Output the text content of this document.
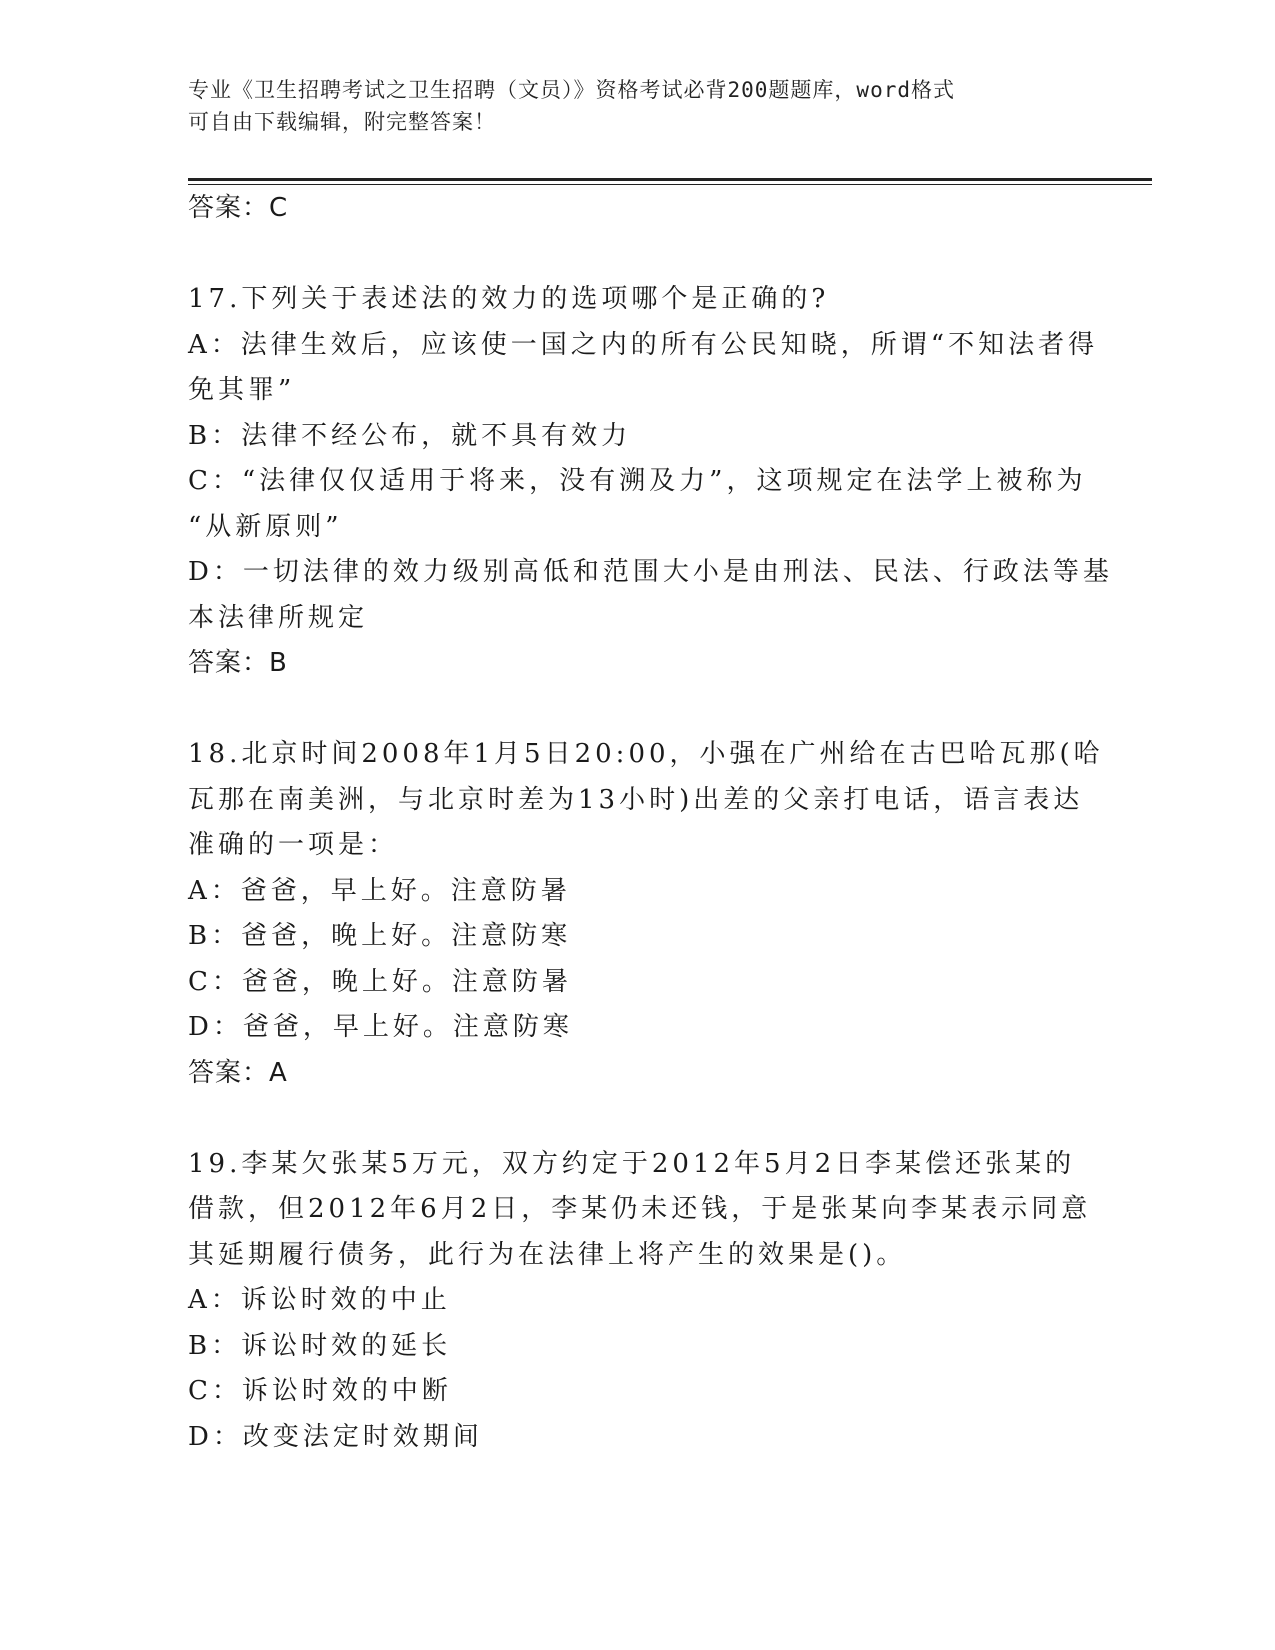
专业《卫生招聘考试之卫生招聘（文员）》资格考试必背200题题库，word格式
可自由下载编辑，附完整答案！
答案：C
17.下列关于表述法的效力的选项哪个是正确的?
A：法律生效后，应该使一国之内的所有公民知晓，所谓“不知法者得
免其罪”
B：法律不经公布，就不具有效力
C：“法律仅仅适用于将来，没有溯及力”，这项规定在法学上被称为
“从新原则”
D：一切法律的效力级别高低和范围大小是由刑法、民法、行政法等基
本法律所规定
答案：B
18.北京时间2008年1月5日20:00，小强在广州给在古巴哈瓦那(哈
瓦那在南美洲，与北京时差为13小时)出差的父亲打电话，语言表达
准确的一项是：
A：爸爸，早上好。注意防暑
B：爸爸，晚上好。注意防寒
C：爸爸，晚上好。注意防暑
D：爸爸，早上好。注意防寒
答案：A
19.李某欠张某5万元，双方约定于2012年5月2日李某偿还张某的
借款，但2012年6月2日，李某仍未还钱，于是张某向李某表示同意
其延期履行债务，此行为在法律上将产生的效果是()。
A：诉讼时效的中止
B：诉讼时效的延长
C：诉讼时效的中断
D：改变法定时效期间
